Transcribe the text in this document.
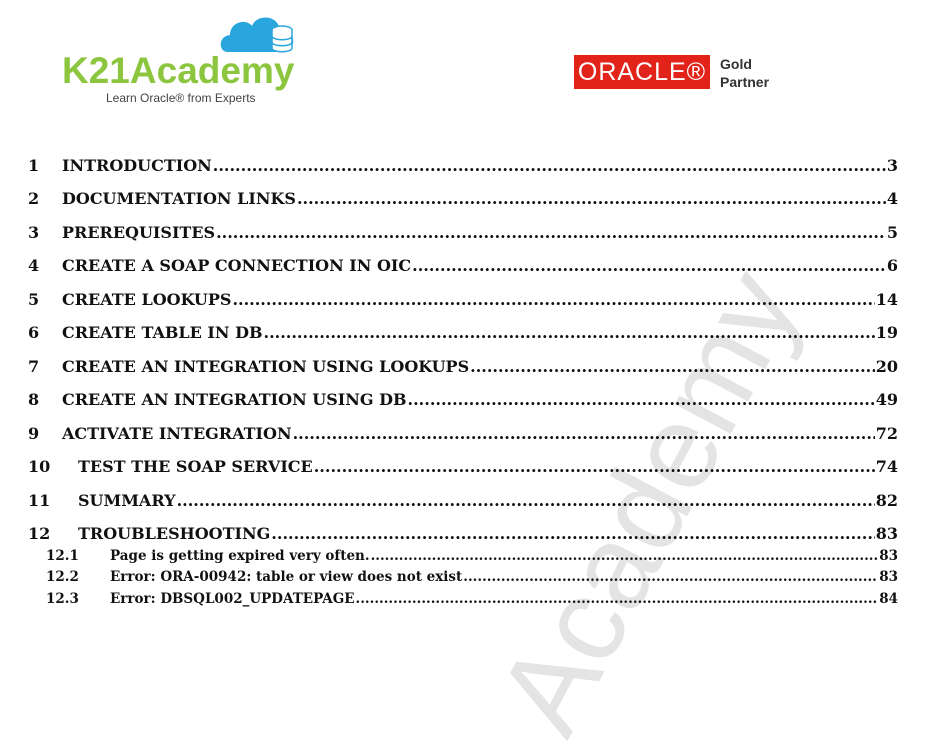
Academy
K21Academy
Learn Oracle® from Experts
ORACLE® Gold
Partner
1	INTRODUCTION .....	3
2	DOCUMENTATION LINKS .....	4
3	PREREQUISITES .....	5
4	CREATE A SOAP CONNECTION IN OIC .....	6
5	CREATE LOOKUPS .....	14
6	CREATE TABLE IN DB .....	19
7	CREATE AN INTEGRATION USING LOOKUPS .....	20
8	CREATE AN INTEGRATION USING DB .....	49
9	ACTIVATE INTEGRATION .....	72
10	TEST THE SOAP SERVICE .....	74
11	SUMMARY .....	82
12	TROUBLESHOOTING .....	83
12.1	Page is getting expired very often. .....	83
12.2	Error: ORA-00942: table or view does not exist .....	83
12.3	Error: DBSQL002_UPDATEPAGE .....	84
